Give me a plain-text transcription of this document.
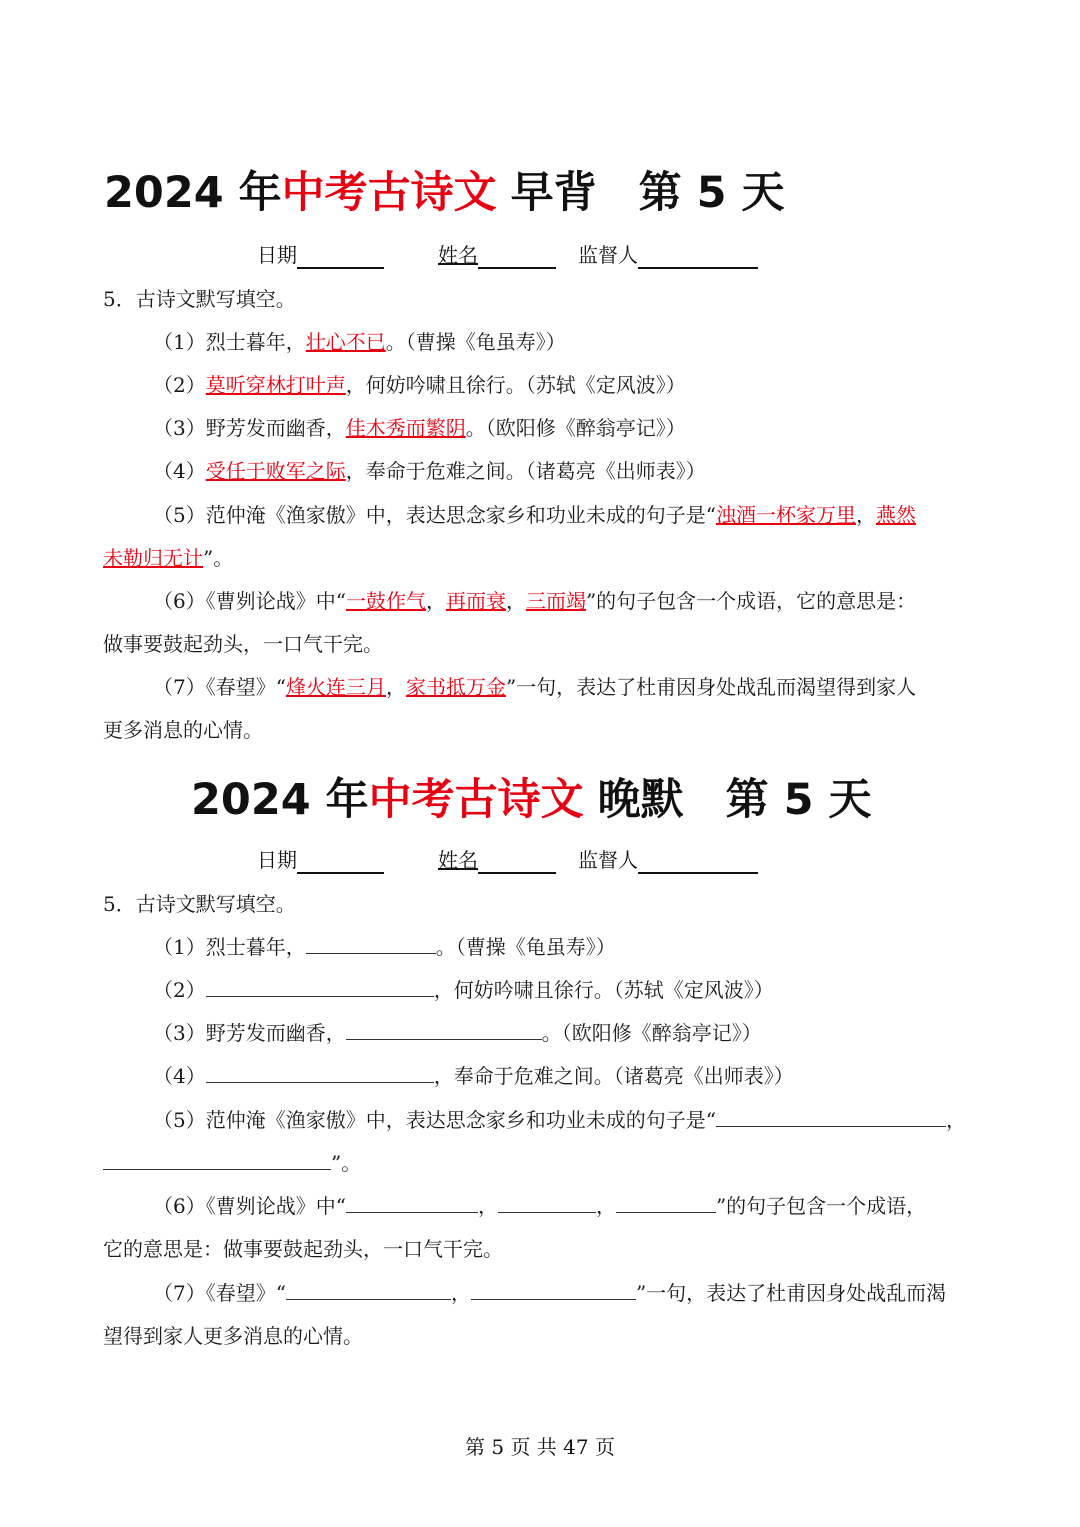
2024 年中考古诗文 早背 第 5 天
日期	姓名	监督人
5．古诗文默写填空。
（1）烈士暮年，壮心不已。（曹操《龟虽寿》）
（2）莫听穿林打叶声，何妨吟啸且徐行。（苏轼《定风波》）
（3）野芳发而幽香，佳木秀而繁阴。（欧阳修《醉翁亭记》）
（4）受任于败军之际，奉命于危难之间。（诸葛亮《出师表》）
（5）范仲淹《渔家傲》中，表达思念家乡和功业未成的句子是“浊酒一杯家万里，燕然
未勒归无计”。
（6）《曹刿论战》中“一鼓作气，再而衰，三而竭”的句子包含一个成语，它的意思是：
做事要鼓起劲头，一口气干完。
（7）《春望》“烽火连三月，家书抵万金”一句，表达了杜甫因身处战乱而渴望得到家人
更多消息的心情。
2024 年中考古诗文 晚默 第 5 天
日期	姓名	监督人
5．古诗文默写填空。
（1）烈士暮年，	。（曹操《龟虽寿》）
（2）	，何妨吟啸且徐行。（苏轼《定风波》）
（3）野芳发而幽香，	。（欧阳修《醉翁亭记》）
（4）	，奉命于危难之间。（诸葛亮《出师表》）
（5）范仲淹《渔家傲》中，表达思念家乡和功业未成的句子是“	，
”。
（6）《曹刿论战》中“	，	，	”的句子包含一个成语，
它的意思是：做事要鼓起劲头，一口气干完。
（7）《春望》“	，	”一句，表达了杜甫因身处战乱而渴
望得到家人更多消息的心情。
第 5 页 共 47 页
